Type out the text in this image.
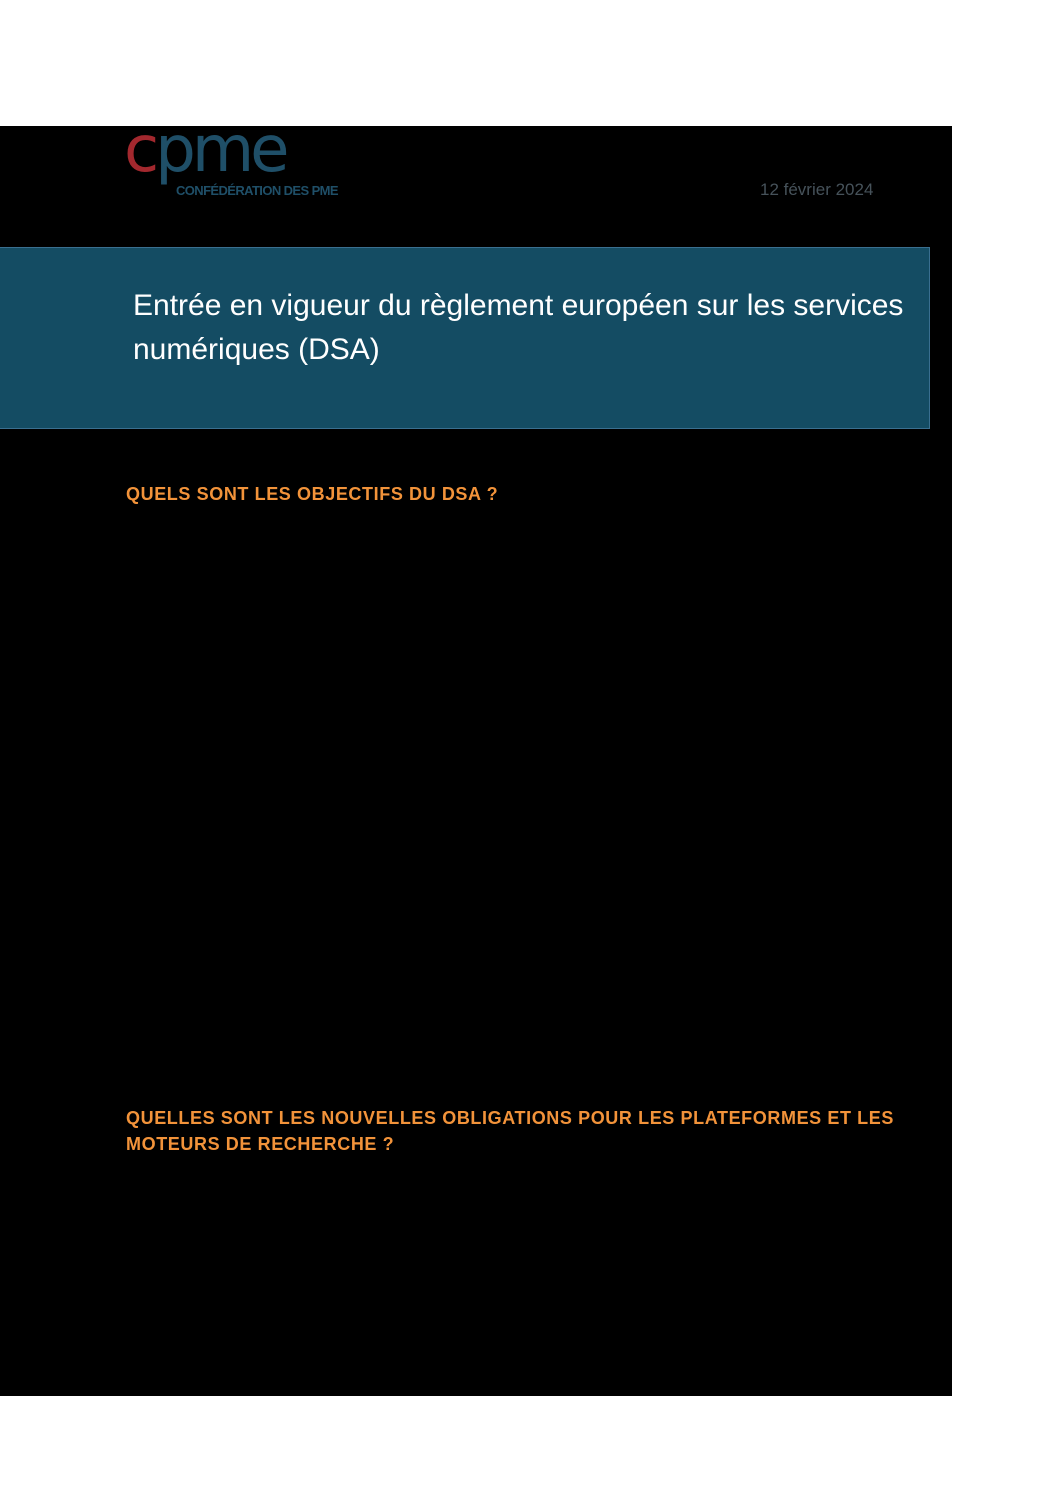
cpme
CONFÉDÉRATION DES PME	12 février 2024
Entrée en vigueur du règlement européen sur les services numériques (DSA)
QUELS SONT LES OBJECTIFS DU DSA ?
QUELLES SONT LES NOUVELLES OBLIGATIONS POUR LES PLATEFORMES ET LES MOTEURS DE RECHERCHE ?
